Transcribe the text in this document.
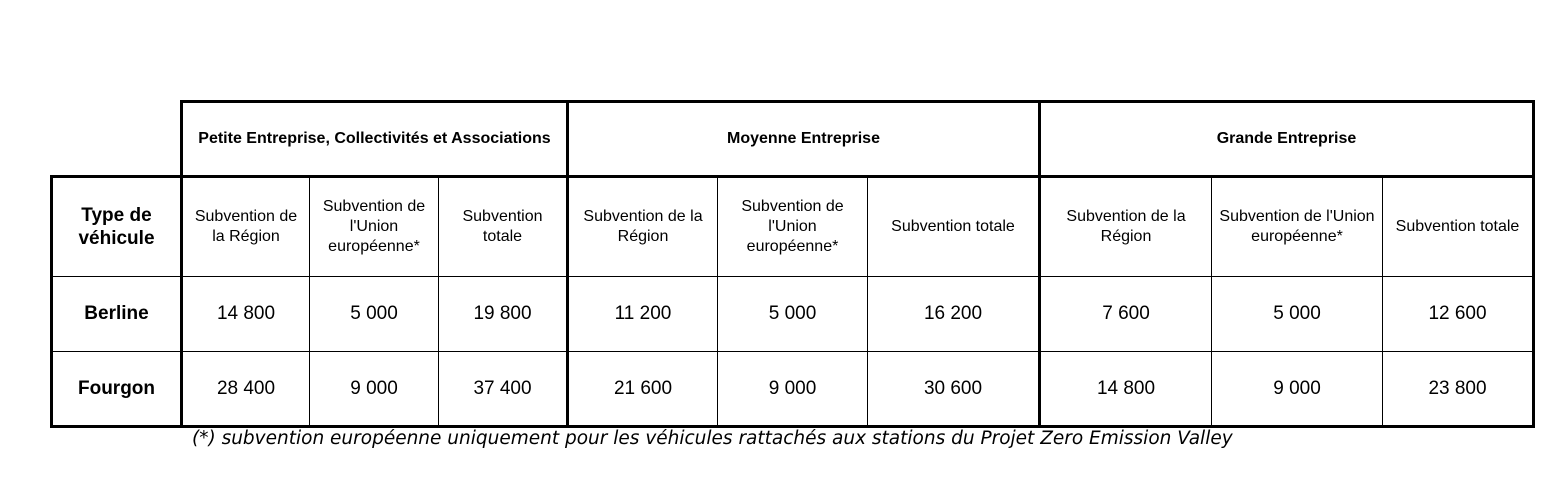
	Petite Entreprise, Collectivités et Associations			Moyenne Entreprise			Grande Entreprise		
Type de véhicule	Subvention de la Région	Subvention de l'Union européenne*	Subvention totale	Subvention de la Région	Subvention de l'Union européenne*	Subvention totale	Subvention de la Région	Subvention de l'Union européenne*	Subvention totale
Berline	14 800	5 000	19 800	11 200	5 000	16 200	7 600	5 000	12 600
Fourgon	28 400	9 000	37 400	21 600	9 000	30 600	14 800	9 000	23 800
(*) subvention européenne uniquement pour les véhicules rattachés aux stations du Projet Zero Emission Valley
